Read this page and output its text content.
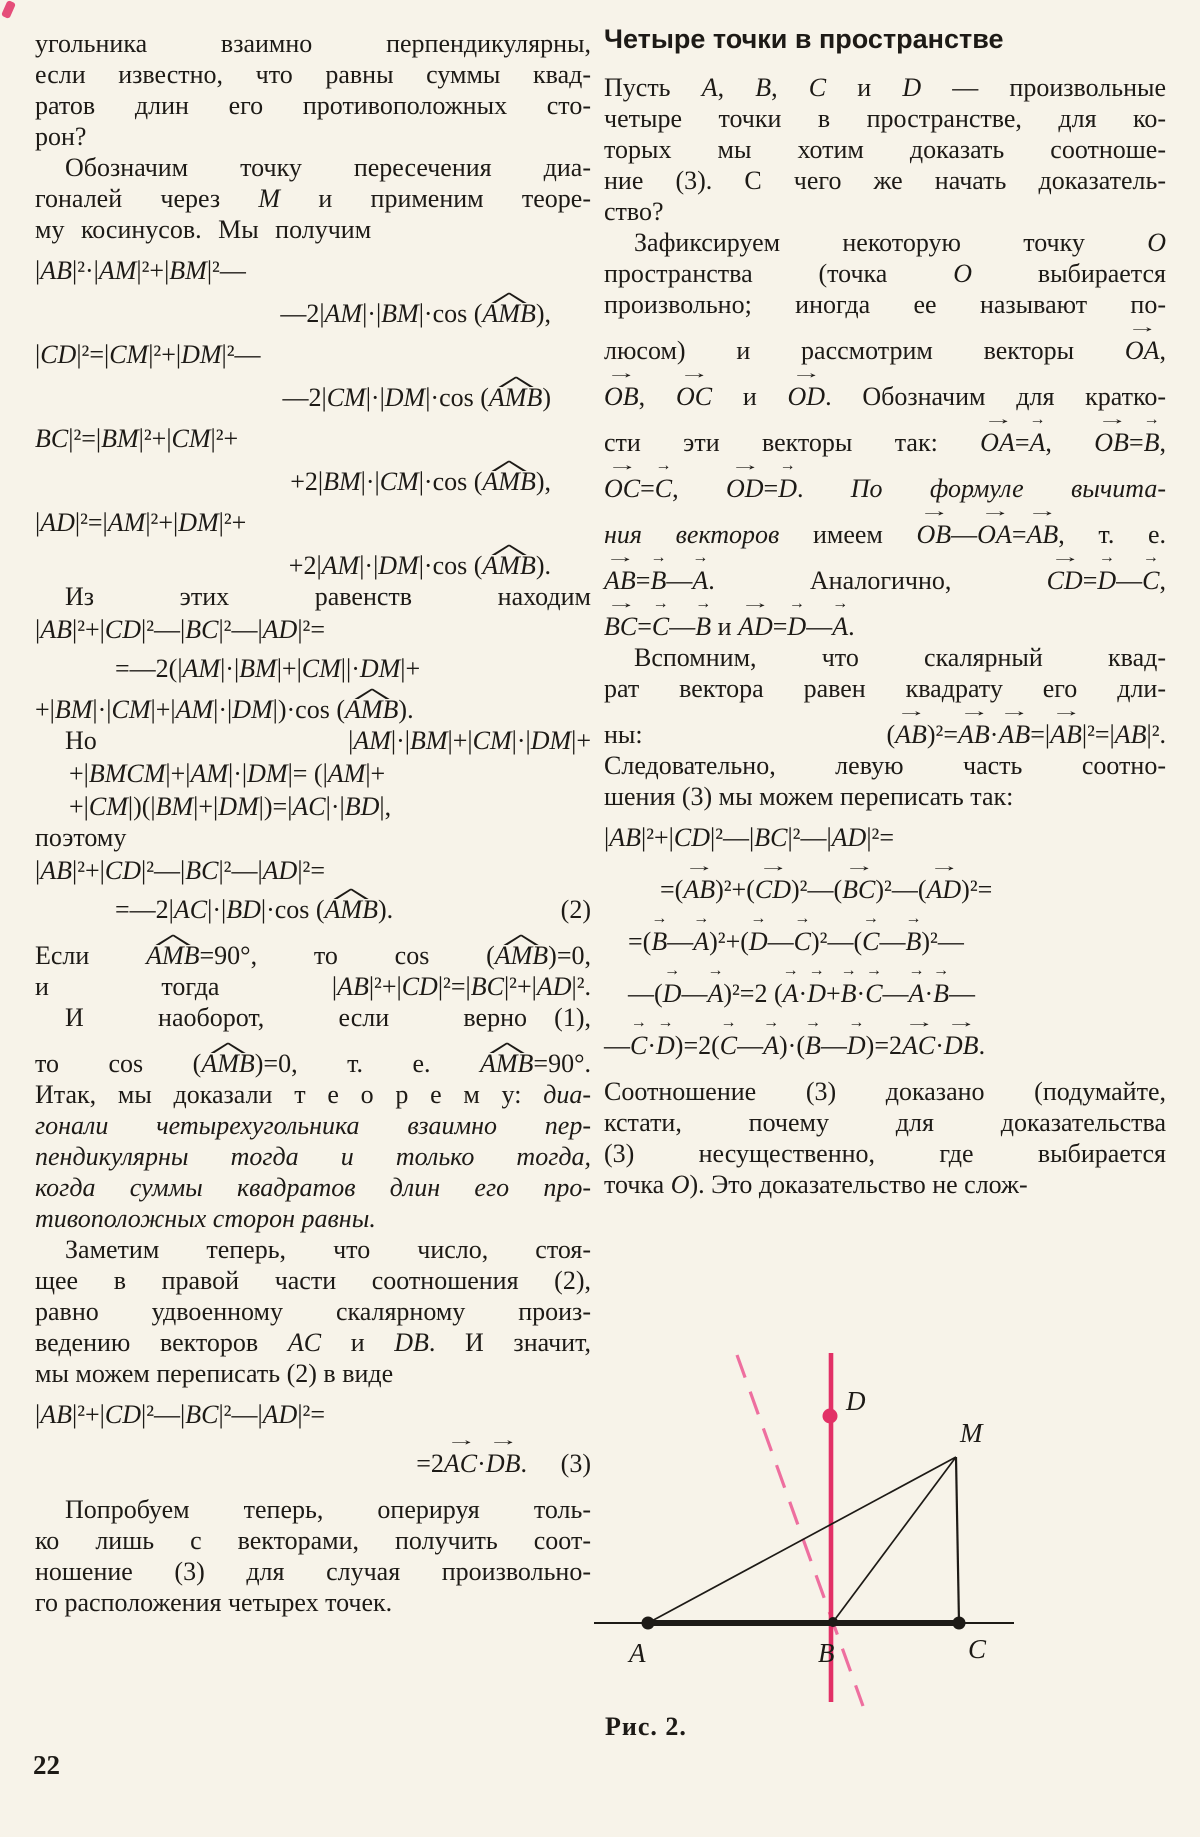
угольника взаимно перпендикулярны,
если известно, что равны суммы квад-
ратов длин его противоположных сто-
рон?
Обозначим точку пересечения диа-
гоналей через M и применим теоре-
му косинусов. Мы получим
|AB|²·|AM|²+|BM|²—
—2|AM|·|BM|·cos (^ AMB),
|CD|²=|CM|²+|DM|²—
—2|CM|·|DM|·cos (^ AMB)
BC|²=|BM|²+|CM|²+
+2|BM|·|CM|·cos (^ AMB),
|AD|²=|AM|²+|DM|²+
+2|AM|·|DM|·cos (^ AMB).
Из этих равенств находим
|AB|²+|CD|²—|BC|²—|AD|²=
=—2(|AM|·|BM|+|CM||·DM|+
+|BM|·|CM|+|AM|·|DM|)·cos (^ AMB).
Но |AM|·|BM|+|CM|·|DM|+
+|BMCM|+|AM|·|DM|= (|AM|+
+|CM|)(|BM|+|DM|)=|AC|·|BD|,
поэтому
|AB|²+|CD|²—|BC|²—|AD|²=
=—2|AC|·|BD|·cos (^ AMB).	(2)
Если ^ AMB=90°, то cos (^ AMB)=0,
и тогда |AB|²+|CD|²=|BC|²+|AD|².
И наоборот, если верно (1),
то cos (^ AMB)=0, т. е. ^ AMB=90°.
Итак, мы доказали т е о р е м у: диа-
гонали четырехугольника взаимно пер-
пендикулярны тогда и только тогда,
когда суммы квадратов длин его про-
тивоположных сторон равны.
Заметим теперь, что число, стоя-
щее в правой части соотношения (2),
равно удвоенному скалярному произ-
ведению векторов AC и DB. И значит,
мы можем переписать (2) в виде
|AB|²+|CD|²—|BC|²—|AD|²=
=2→ AC·→ DB. (3)
Попробуем теперь, оперируя толь-
ко лишь с векторами, получить соот-
ношение (3) для случая произвольно-
го расположения четырех точек.
Четыре точки в пространстве
Пусть A, B, C и D — произвольные
четыре точки в пространстве, для ко-
торых мы хотим доказать соотноше-
ние (3). С чего же начать доказатель-
ство?
Зафиксируем некоторую точку O
пространства (точка O выбирается
произвольно; иногда ее называют по-
люсом) и рассмотрим векторы → OA,
→ OB, → OC и → OD. Обозначим для кратко-
сти эти векторы так: → OA=→ A, → OB=→ B,
→ OC=→ C, → OD=→ D. По формуле вычита-
ния векторов имеем → OB—→ OA=→ AB, т. е.
→ AB=→ B—→ A. Аналогично, → CD=→ D—→ C,
→ BC=→ C—→ B и → AD=→ D—→ A.
Вспомним, что скалярный квад-
рат вектора равен квадрату его дли-
ны: (→ AB)²=→ AB·→ AB=|→ AB|²=|AB|².
Следовательно, левую часть соотно-
шения (3) мы можем переписать так:
|AB|²+|CD|²—|BC|²—|AD|²=
=(→ AB)²+(→ CD)²—(→ BC)²—(→ AD)²=
=(→ B—→ A)²+(→ D—→ C)²—(→ C—→ B)²—
—(→ D—→ A)²=2 (→ A·→ D+→ B·→ C—→ A·→ B—
—→ C·→ D)=2(→ C—→ A)·(→ B—→ D)=2→ AC·→ DB.
Соотношение (3) доказано (подумайте,
кстати, почему для доказательства
(3) несущественно, где выбирается
точка O). Это доказательство не слож-
A	B	C
D
M
Рис. 2.
22
